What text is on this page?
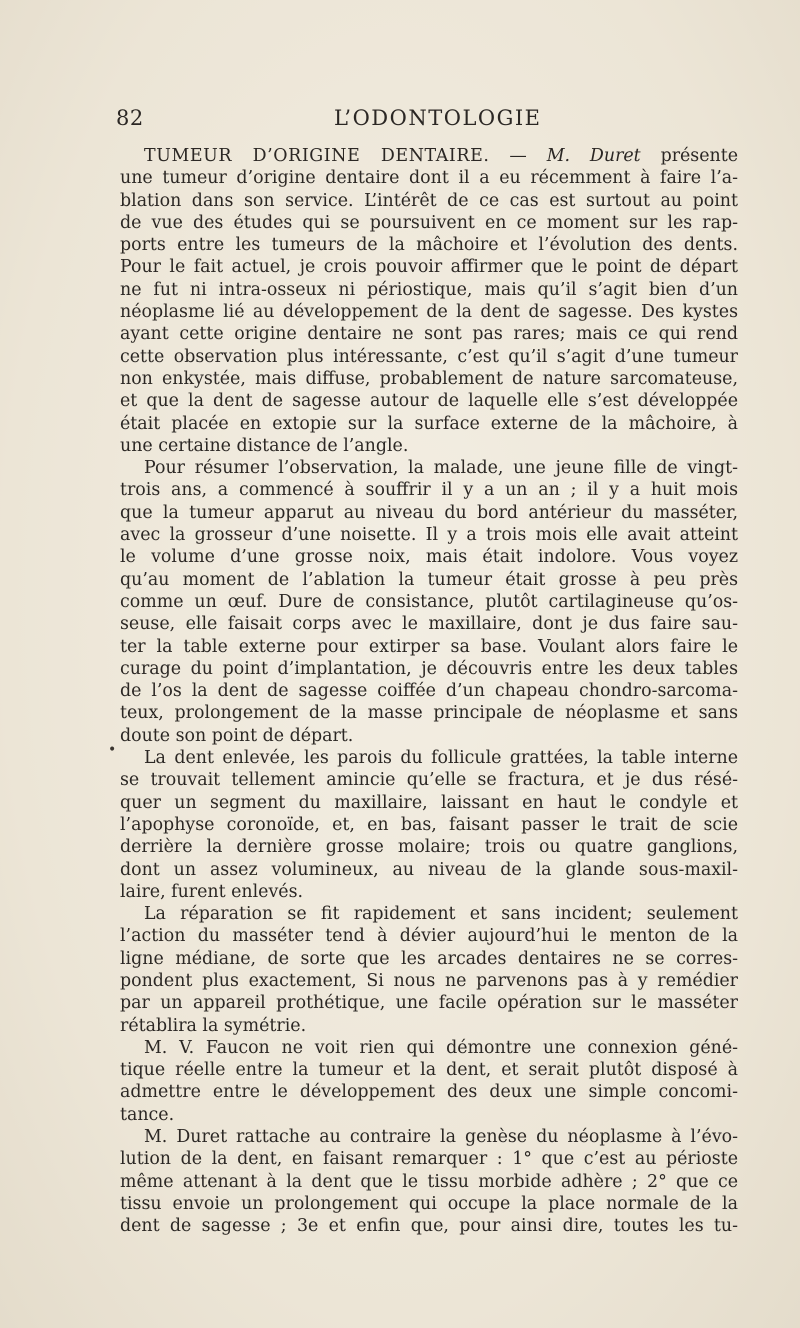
82	L’ODONTOLOGIE
•
TUMEUR D’ORIGINE DENTAIRE. — M. Duret présente
une tumeur d’origine dentaire dont il a eu récemment à faire l’a-
blation dans son service. L’intérêt de ce cas est surtout au point
de vue des études qui se poursuivent en ce moment sur les rap-
ports entre les tumeurs de la mâchoire et l’évolution des dents.
Pour le fait actuel, je crois pouvoir affirmer que le point de départ
ne fut ni intra-osseux ni périostique, mais qu’il s’agit bien d’un
néoplasme lié au développement de la dent de sagesse. Des kystes
ayant cette origine dentaire ne sont pas rares; mais ce qui rend
cette observation plus intéressante, c’est qu’il s’agit d’une tumeur
non enkystée, mais diffuse, probablement de nature sarcomateuse,
et que la dent de sagesse autour de laquelle elle s’est développée
était placée en extopie sur la surface externe de la mâchoire, à
une certaine distance de l’angle.
Pour résumer l’observation, la malade, une jeune fille de vingt-
trois ans, a commencé à souffrir il y a un an ; il y a huit mois
que la tumeur apparut au niveau du bord antérieur du masséter,
avec la grosseur d’une noisette. Il y a trois mois elle avait atteint
le volume d’une grosse noix, mais était indolore. Vous voyez
qu’au moment de l’ablation la tumeur était grosse à peu près
comme un œuf. Dure de consistance, plutôt cartilagineuse qu’os-
seuse, elle faisait corps avec le maxillaire, dont je dus faire sau-
ter la table externe pour extirper sa base. Voulant alors faire le
curage du point d’implantation, je découvris entre les deux tables
de l’os la dent de sagesse coiffée d’un chapeau chondro-sarcoma-
teux, prolongement de la masse principale de néoplasme et sans
doute son point de départ.
La dent enlevée, les parois du follicule grattées, la table interne
se trouvait tellement amincie qu’elle se fractura, et je dus résé-
quer un segment du maxillaire, laissant en haut le condyle et
l’apophyse coronoïde, et, en bas, faisant passer le trait de scie
derrière la dernière grosse molaire; trois ou quatre ganglions,
dont un assez volumineux, au niveau de la glande sous-maxil-
laire, furent enlevés.
La réparation se fit rapidement et sans incident; seulement
l’action du masséter tend à dévier aujourd’hui le menton de la
ligne médiane, de sorte que les arcades dentaires ne se corres-
pondent plus exactement, Si nous ne parvenons pas à y remédier
par un appareil prothétique, une facile opération sur le masséter
rétablira la symétrie.
M. V. Faucon ne voit rien qui démontre une connexion géné-
tique réelle entre la tumeur et la dent, et serait plutôt disposé à
admettre entre le développement des deux une simple concomi-
tance.
M. Duret rattache au contraire la genèse du néoplasme à l’évo-
lution de la dent, en faisant remarquer : 1° que c’est au périoste
même attenant à la dent que le tissu morbide adhère ; 2° que ce
tissu envoie un prolongement qui occupe la place normale de la
dent de sagesse ; 3e et enfin que, pour ainsi dire, toutes les tu-
